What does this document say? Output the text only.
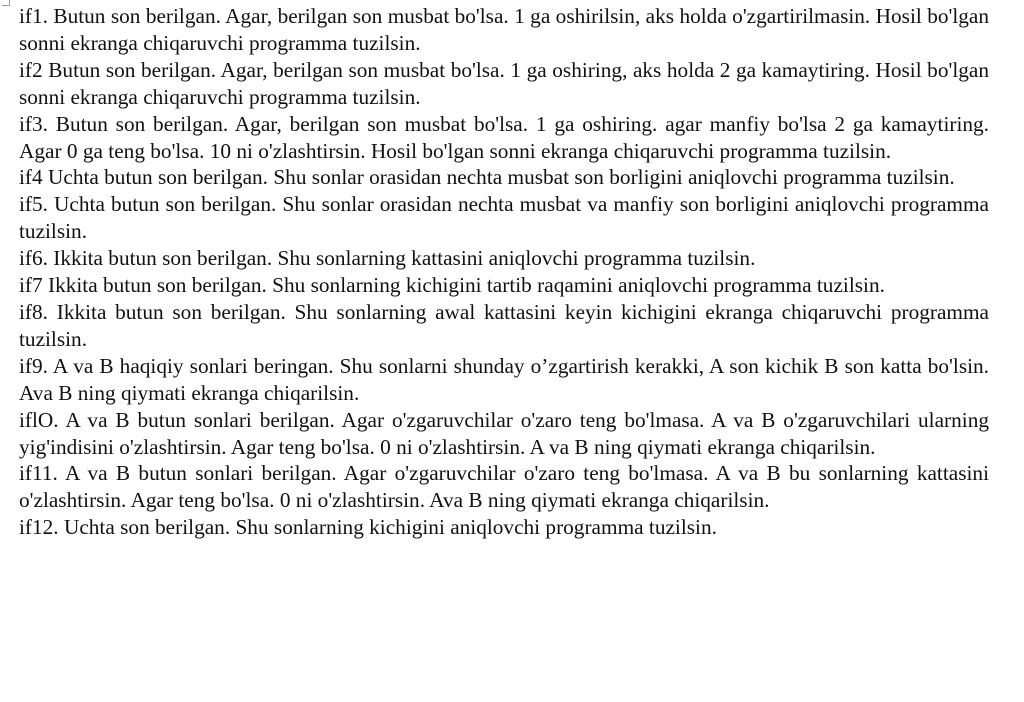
if1. Butun son berilgan. Agar, berilgan son musbat bo'lsa. 1 ga oshirilsin, aks holda o'zgartirilmasin. Hosil bo'lgan sonni ekranga chiqaruvchi programma tuzilsin.

if2 Butun son berilgan. Agar, berilgan son musbat bo'lsa. 1 ga oshiring, aks holda 2 ga kamaytiring. Hosil bo'lgan sonni ekranga chiqaruvchi programma tuzilsin.

if3. Butun son berilgan. Agar, berilgan son musbat bo'lsa. 1 ga oshiring. agar manfiy bo'lsa 2 ga kamaytiring. Agar 0 ga teng bo'lsa. 10 ni o'zlashtirsin. Hosil bo'lgan sonni ekranga chiqaruvchi programma tuzilsin.

if4 Uchta butun son berilgan. Shu sonlar orasidan nechta musbat son borligini aniqlovchi programma tuzilsin.

if5. Uchta butun son berilgan. Shu sonlar orasidan nechta musbat va manfiy son borligini aniqlovchi programma tuzilsin.

if6. Ikkita butun son berilgan. Shu sonlarning kattasini aniqlovchi programma tuzilsin.

if7 Ikkita butun son berilgan. Shu sonlarning kichigini tartib raqamini aniqlovchi programma tuzilsin.

if8. Ikkita butun son berilgan. Shu sonlarning awal kattasini keyin kichigini ekranga chiqaruvchi programma tuzilsin.

if9. A va B haqiqiy sonlari beringan. Shu sonlarni shunday o’zgartirish kerakki, A son kichik B son katta bo'lsin. Ava B ning qiymati ekranga chiqarilsin.

iflO. A va B butun sonlari berilgan. Agar o'zgaruvchilar o'zaro teng bo'lmasa. A va B o'zgaruvchilari ularning yig'indisini o'zlashtirsin. Agar teng bo'lsa. 0 ni o'zlashtirsin. A va B ning qiymati ekranga chiqarilsin.

if11. A va B butun sonlari berilgan. Agar o'zgaruvchilar o'zaro teng bo'lmasa. A va B bu sonlarning kattasini o'zlashtirsin. Agar teng bo'lsa. 0 ni o'zlashtirsin. Ava B ning qiymati ekranga chiqarilsin.

if12. Uchta son berilgan. Shu sonlarning kichigini aniqlovchi programma tuzilsin.
